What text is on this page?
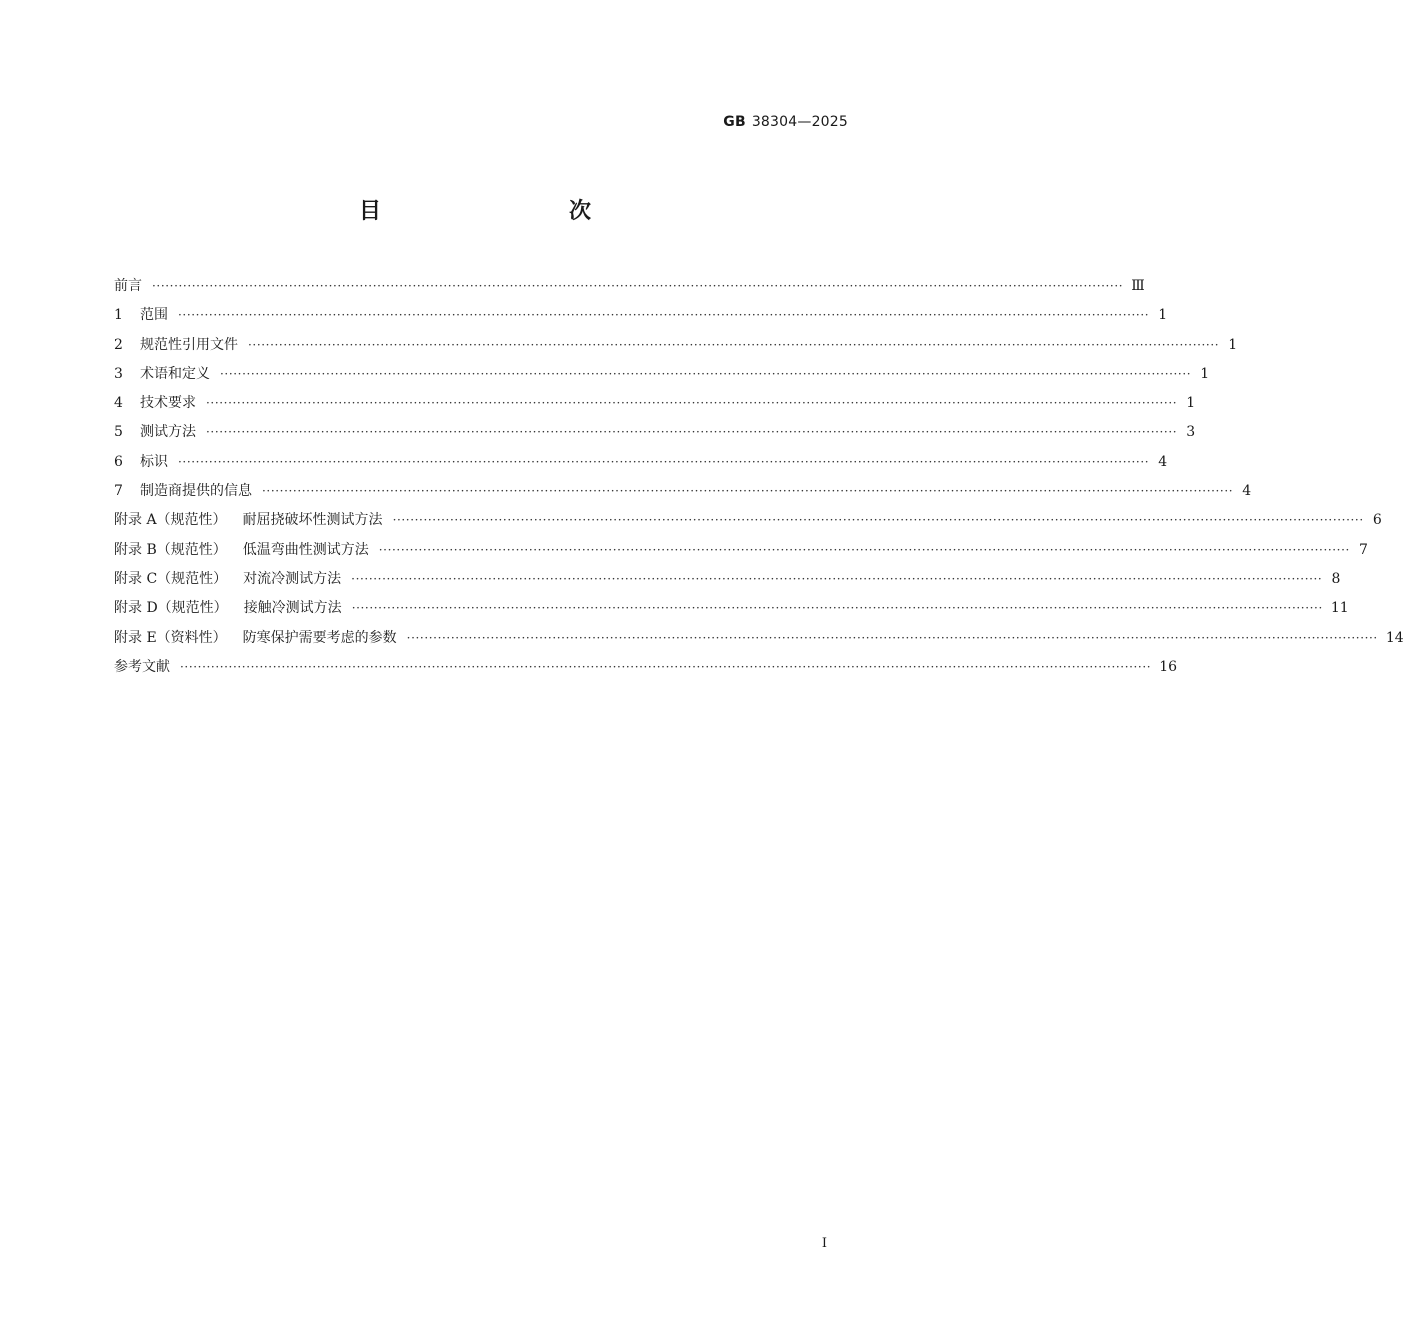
GB 38304—2025
目　　次
前言 ···························································································································································································································· Ⅲ
1	范围 ···························································································································································································································· 1
2	规范性引用文件 ···························································································································································································································· 1
3	术语和定义 ···························································································································································································································· 1
4	技术要求 ···························································································································································································································· 1
5	测试方法 ···························································································································································································································· 3
6	标识 ···························································································································································································································· 4
7	制造商提供的信息 ···························································································································································································································· 4
附录 A（规范性） 耐屈挠破坏性测试方法 ···························································································································································································································· 6
附录 B（规范性） 低温弯曲性测试方法 ···························································································································································································································· 7
附录 C（规范性） 对流冷测试方法 ···························································································································································································································· 8
附录 D（规范性） 接触冷测试方法 ···························································································································································································································· 11
附录 E（资料性） 防寒保护需要考虑的参数 ···························································································································································································································· 14
参考文献 ···························································································································································································································· 16
Ⅰ
